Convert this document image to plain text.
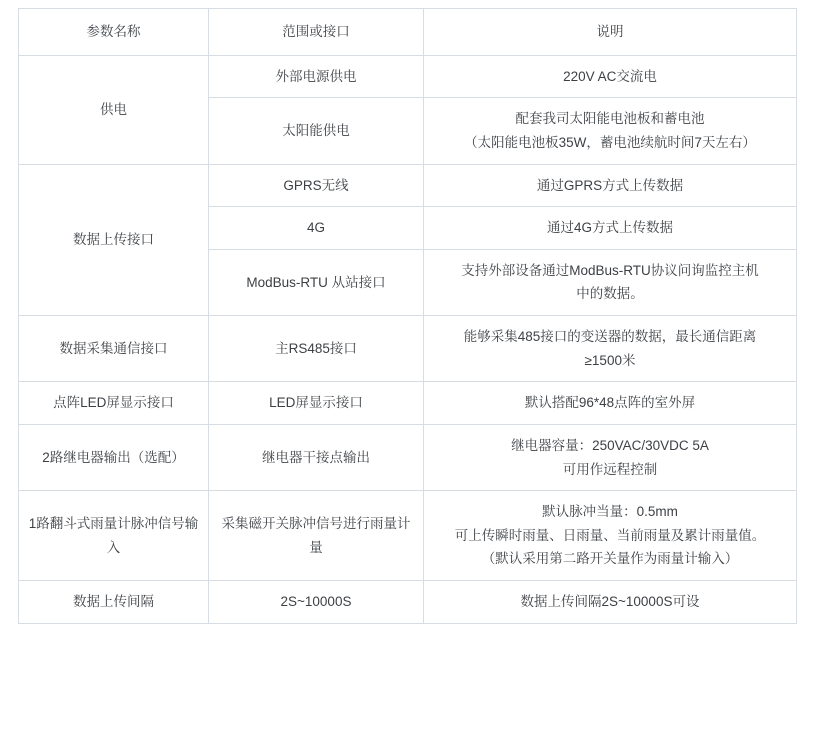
参数名称	范围或接口	说明
供电	外部电源供电	220V AC交流电
	太阳能供电	配套我司太阳能电池板和蓄电池
（太阳能电池板35W，蓄电池续航时间7天左右）

数据上传接口	GPRS无线	通过GPRS方式上传数据
	4G	通过4G方式上传数据
	ModBus-RTU 从站接口	支持外部设备通过ModBus-RTU协议问询监控主机
中的数据。

数据采集通信接口	主RS485接口	能够采集485接口的变送器的数据，最长通信距离
≥1500米

点阵LED屏显示接口	LED屏显示接口	默认搭配96*48点阵的室外屏
2路继电器输出（选配）	继电器干接点输出	继电器容量：250VAC/30VDC 5A
可用作远程控制

1路翻斗式雨量计脉冲信号输入	采集磁开关脉冲信号进行雨量计量	默认脉冲当量：0.5mm
可上传瞬时雨量、日雨量、当前雨量及累计雨量值。
（默认采用第二路开关量作为雨量计输入）

数据上传间隔	2S~10000S	数据上传间隔2S~10000S可设
